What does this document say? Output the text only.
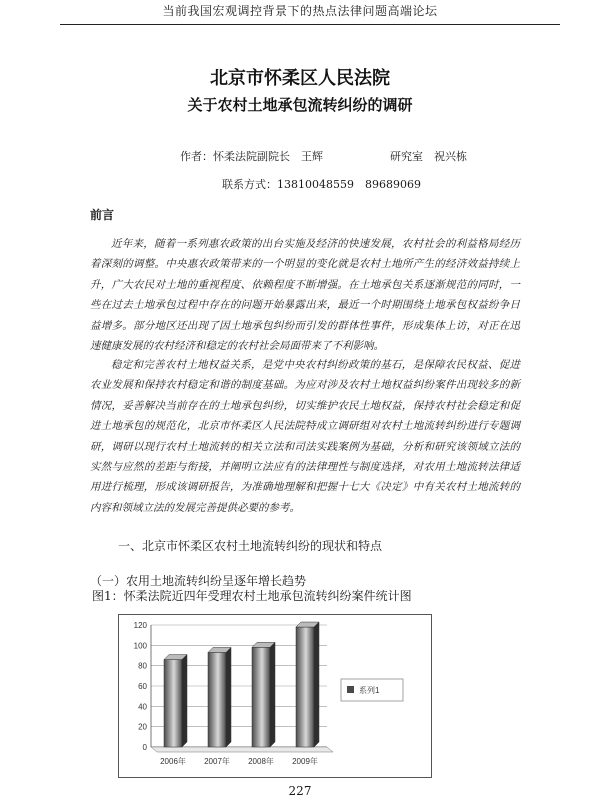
当前我国宏观调控背景下的热点法律问题高端论坛
北京市怀柔区人民法院
关于农村土地承包流转纠纷的调研
作者：怀柔法院副院长　王辉	研究室　祝兴栋
联系方式：13810048559　89689069
前言

近年来，随着一系列惠农政策的出台实施及经济的快速发展，农村社会的利益格局经历着深刻的调整。中央惠农政策带来的一个明显的变化就是农村土地所产生的经济效益持续上升，广大农民对土地的重视程度、依赖程度不断增强。在土地承包关系逐渐规范的同时，一些在过去土地承包过程中存在的问题开始暴露出来，最近一个时期围绕土地承包权益纷争日益增多。部分地区还出现了因土地承包纠纷而引发的群体性事件，形成集体上访，对正在迅速健康发展的农村经济和稳定的农村社会局面带来了不利影响。

稳定和完善农村土地权益关系，是党中央农村纠纷政策的基石，是保障农民权益、促进农业发展和保持农村稳定和谐的制度基础。为应对涉及农村土地权益纠纷案件出现较多的新情况，妥善解决当前存在的土地承包纠纷，切实维护农民土地权益，保持农村社会稳定和促进土地承包的规范化，北京市怀柔区人民法院特成立调研组对农村土地流转纠纷进行专题调研，调研以现行农村土地流转的相关立法和司法实践案例为基础，分析和研究该领域立法的实然与应然的差距与衔接，并阐明立法应有的法律理性与制度选择，对农用土地流转法律适用进行梳理，形成该调研报告，为准确地理解和把握十七大《决定》中有关农村土地流转的内容和领域立法的发展完善提供必要的参考。

一、北京市怀柔区农村土地流转纠纷的现状和特点
（一）农用土地流转纠纷呈逐年增长趋势
图1：怀柔法院近四年受理农村土地承包流转纠纷案件统计图
0
20
40
60
80
100
120
2006年 2007年 2008年 2009年
系列1
227
